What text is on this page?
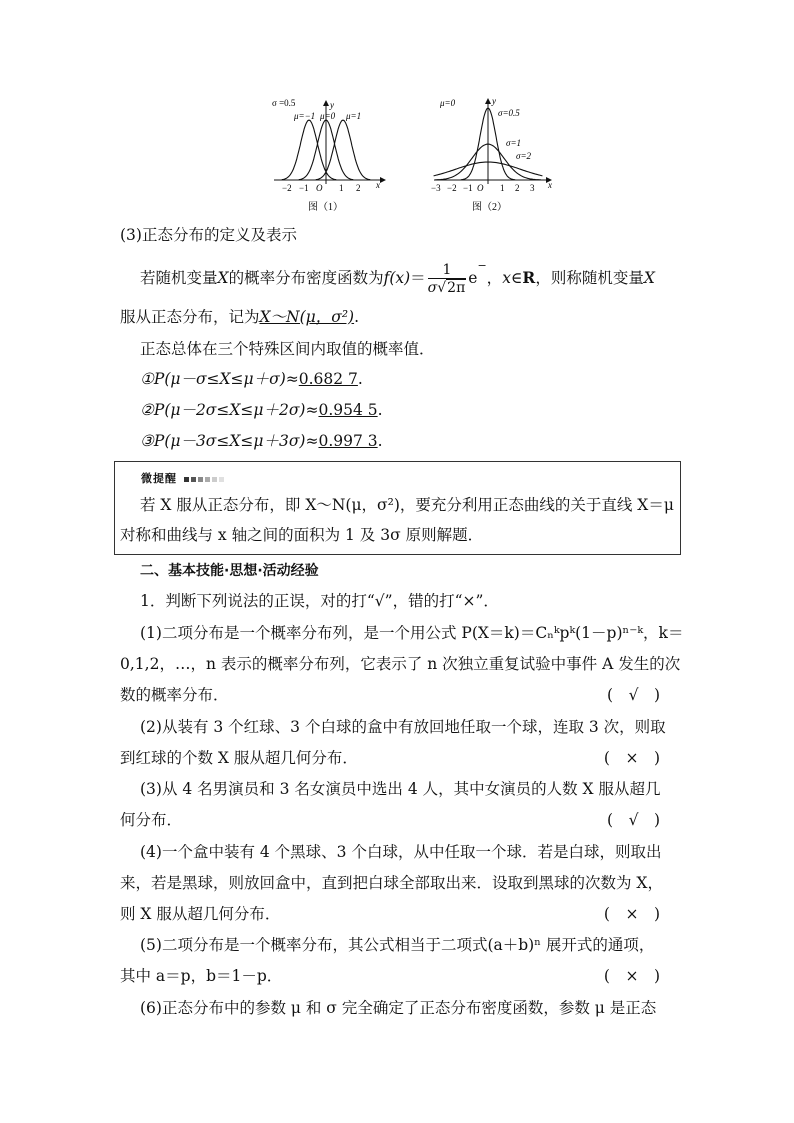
σ =0.5
μ=−1 μ=0 μ=1
y
x
−2 −1 O 1 2
图（1）
μ=0	y
σ=0.5
σ=1
σ=2
x
−3 −2 −1 O 1 2 3
图（2）
(3)正态分布的定义及表示
若随机变量X的概率分布密度函数为$f(x)= \frac{1}{\sigma√2\pi} e^-$，x∈R，则称随机变量X
服从正态分布，记为X～N(μ，σ²).
正态总体在三个特殊区间内取值的概率值．
①P(μ－σ≤X≤μ＋σ)≈0.682 7.
②P(μ－2σ≤X≤μ＋2σ)≈0.954 5.
③P(μ－3σ≤X≤μ＋3σ)≈0.997 3.
微提醒
若 X 服从正态分布，即 X～N(μ，σ²)，要充分利用正态曲线的关于直线 X＝μ
对称和曲线与 x 轴之间的面积为 1 及 3σ 原则解题．
二、基本技能·思想·活动经验
1．判断下列说法的正误，对的打“√”，错的打“×”．
(1)二项分布是一个概率分布列，是一个用公式 P(X＝k)＝Cₙᵏpᵏ(1－p)ⁿ⁻ᵏ，k＝
0,1,2，…，n 表示的概率分布列，它表示了 n 次独立重复试验中事件 A 发生的次
数的概率分布．	(　√　)
(2)从装有 3 个红球、3 个白球的盒中有放回地任取一个球，连取 3 次，则取
到红球的个数 X 服从超几何分布．	(　×　)
(3)从 4 名男演员和 3 名女演员中选出 4 人，其中女演员的人数 X 服从超几
何分布．	(　√　)
(4)一个盒中装有 4 个黑球、3 个白球，从中任取一个球．若是白球，则取出
来，若是黑球，则放回盒中，直到把白球全部取出来．设取到黑球的次数为 X，
则 X 服从超几何分布．	(　×　)
(5)二项分布是一个概率分布，其公式相当于二项式(a＋b)ⁿ 展开式的通项，
其中 a＝p，b＝1－p．	(　×　)
(6)正态分布中的参数 μ 和 σ 完全确定了正态分布密度函数，参数 μ 是正态
